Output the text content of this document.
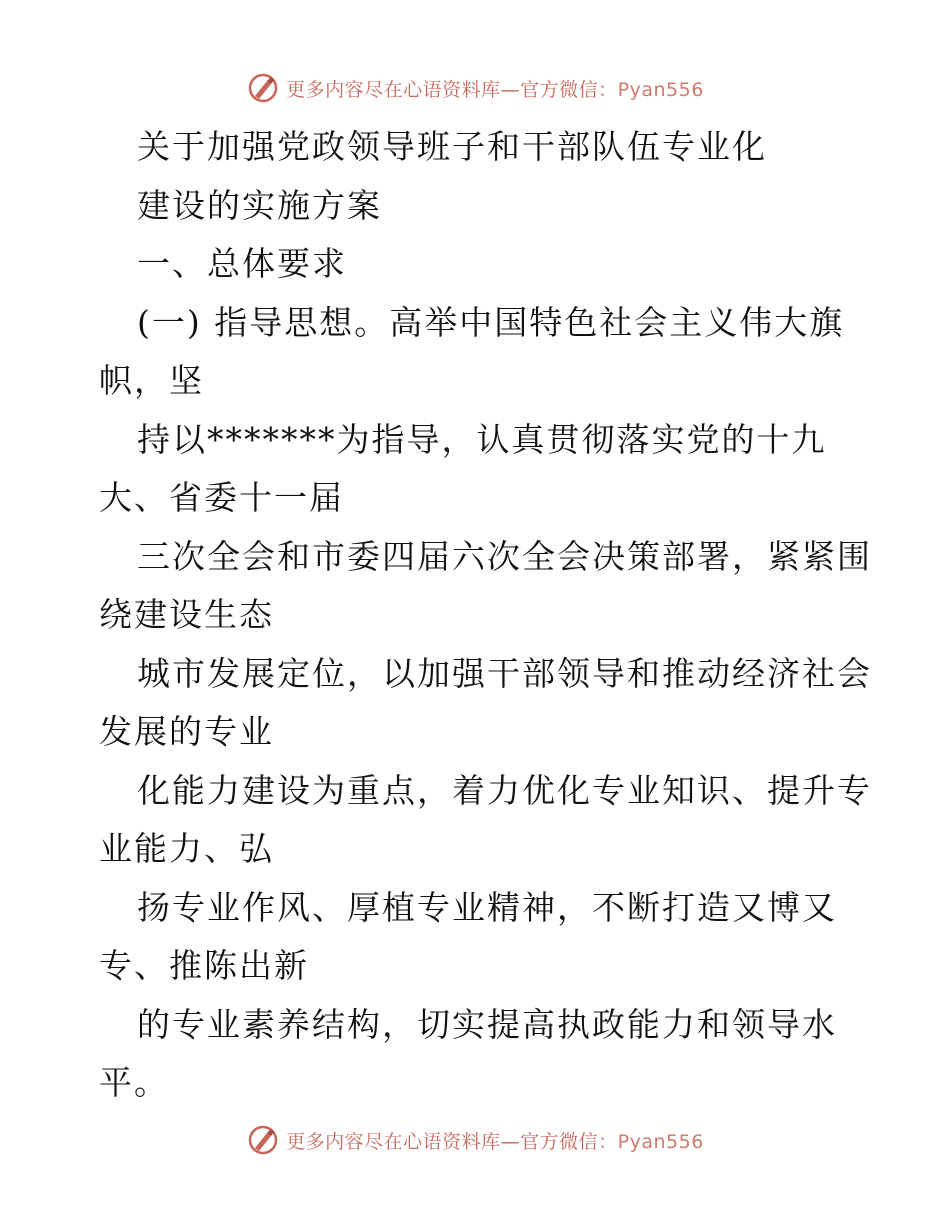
更多内容尽在心语资料库—官方微信：Pyan556
关于加强党政领导班子和干部队伍专业化
建设的实施方案
一、总体要求
(一) 指导思想。高举中国特色社会主义伟大旗
帜，坚
持以*******为指导，认真贯彻落实党的十九
大、省委十一届
三次全会和市委四届六次全会决策部署，紧紧围
绕建设生态
城市发展定位，以加强干部领导和推动经济社会
发展的专业
化能力建设为重点，着力优化专业知识、提升专
业能力、弘
扬专业作风、厚植专业精神，不断打造又博又
专、推陈出新
的专业素养结构，切实提高执政能力和领导水
平。
更多内容尽在心语资料库—官方微信：Pyan556
